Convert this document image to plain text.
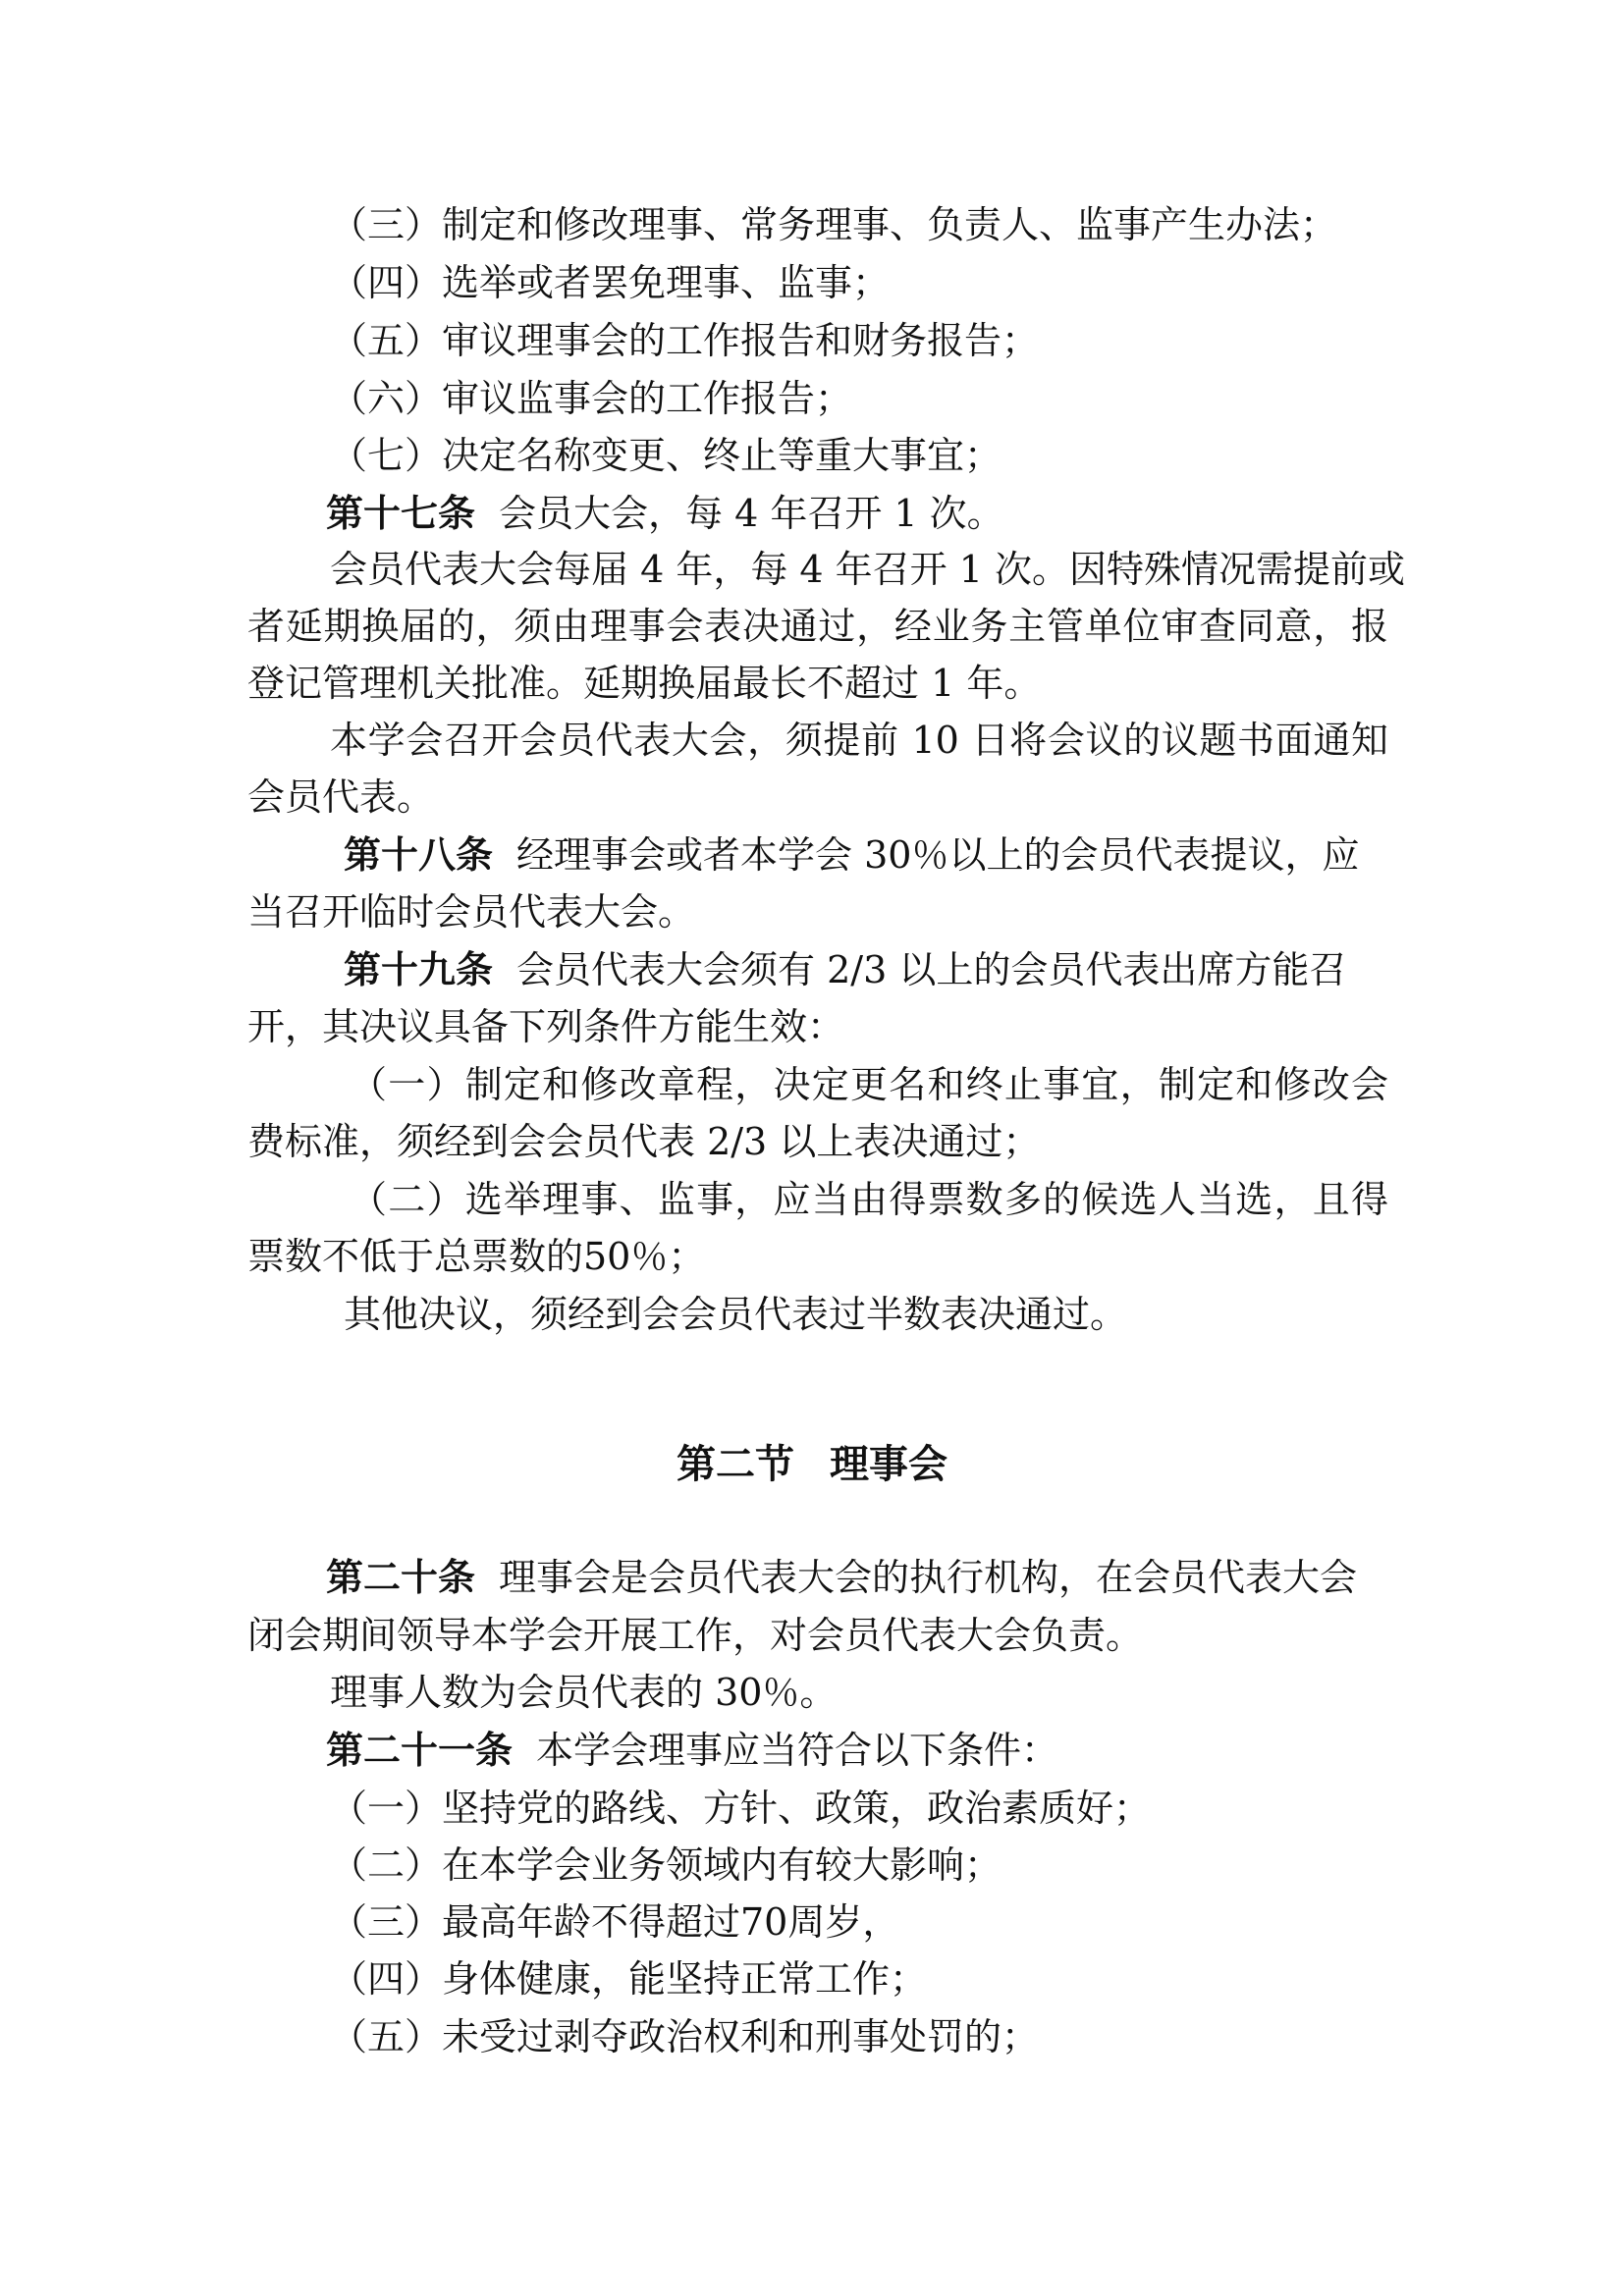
（三）制定和修改理事、常务理事、负责人、监事产生办法；

（四）选举或者罢免理事、监事；

（五）审议理事会的工作报告和财务报告；

（六）审议监事会的工作报告；

（七）决定名称变更、终止等重大事宜；

第十七条 会员大会，每 4 年召开 1 次。

会员代表大会每届 4 年，每 4 年召开 1 次。因特殊情况需提前或

者延期换届的，须由理事会表决通过，经业务主管单位审查同意，报

登记管理机关批准。延期换届最长不超过 1 年。

本学会召开会员代表大会，须提前 10 日将会议的议题书面通知

会员代表。

第十八条 经理事会或者本学会 30％以上的会员代表提议，应

当召开临时会员代表大会。

第十九条 会员代表大会须有 2/3 以上的会员代表出席方能召

开，其决议具备下列条件方能生效：

（一）制定和修改章程，决定更名和终止事宜，制定和修改会

费标准，须经到会会员代表 2/3 以上表决通过；

（二）选举理事、监事，应当由得票数多的候选人当选，且得

票数不低于总票数的50％；

其他决议，须经到会会员代表过半数表决通过。

第二节 理事会

第二十条 理事会是会员代表大会的执行机构，在会员代表大会

闭会期间领导本学会开展工作，对会员代表大会负责。

理事人数为会员代表的 30％。

第二十一条 本学会理事应当符合以下条件：

（一）坚持党的路线、方针、政策，政治素质好；

（二）在本学会业务领域内有较大影响；

（三）最高年龄不得超过70周岁，

（四）身体健康，能坚持正常工作；

（五）未受过剥夺政治权利和刑事处罚的；
